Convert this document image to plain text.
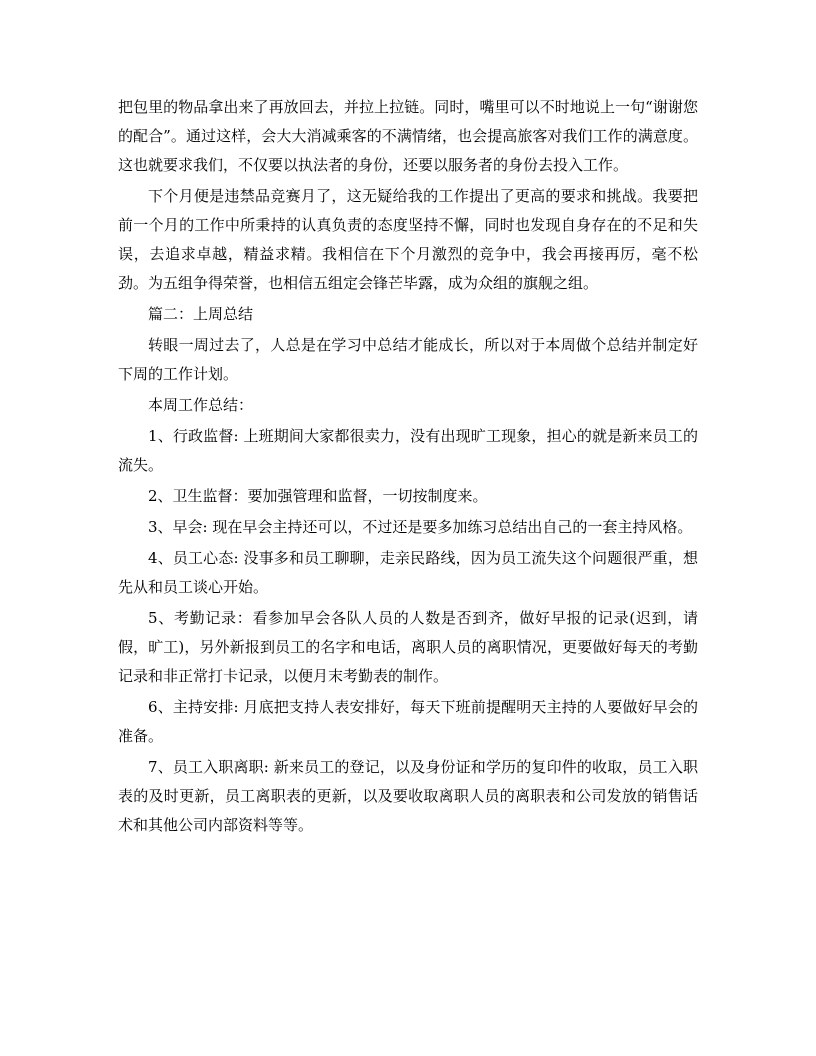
把包里的物品拿出来了再放回去，并拉上拉链。同时，嘴里可以不时地说上一句“谢谢您的配合”。通过这样，会大大消减乘客的不满情绪，也会提高旅客对我们工作的满意度。这也就要求我们，不仅要以执法者的身份，还要以服务者的身份去投入工作。

下个月便是违禁品竞赛月了，这无疑给我的工作提出了更高的要求和挑战。我要把前一个月的工作中所秉持的认真负责的态度坚持不懈，同时也发现自身存在的不足和失误，去追求卓越，精益求精。我相信在下个月激烈的竞争中，我会再接再厉，毫不松劲。为五组争得荣誉，也相信五组定会锋芒毕露，成为众组的旗舰之组。

篇二：上周总结

转眼一周过去了，人总是在学习中总结才能成长，所以对于本周做个总结并制定好下周的工作计划。

本周工作总结：

1、行政监督: 上班期间大家都很卖力，没有出现旷工现象，担心的就是新来员工的流失。

2、卫生监督：要加强管理和监督，一切按制度来。

3、早会: 现在早会主持还可以，不过还是要多加练习总结出自己的一套主持风格。

4、员工心态: 没事多和员工聊聊，走亲民路线，因为员工流失这个问题很严重，想先从和员工谈心开始。

5、考勤记录：看参加早会各队人员的人数是否到齐，做好早报的记录(迟到，请假，旷工)，另外新报到员工的名字和电话，离职人员的离职情况，更要做好每天的考勤记录和非正常打卡记录，以便月末考勤表的制作。

6、主持安排: 月底把支持人表安排好，每天下班前提醒明天主持的人要做好早会的准备。

7、员工入职离职: 新来员工的登记，以及身份证和学历的复印件的收取，员工入职表的及时更新，员工离职表的更新，以及要收取离职人员的离职表和公司发放的销售话术和其他公司内部资料等等。
